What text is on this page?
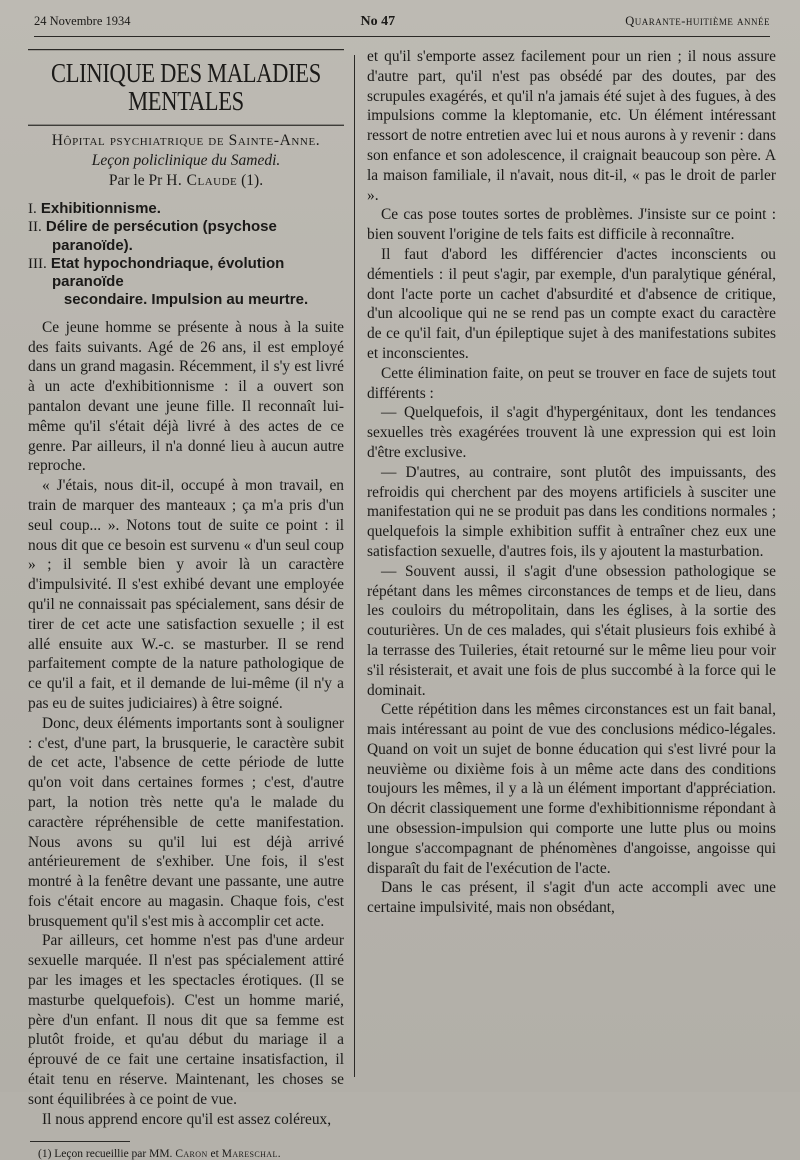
24 Novembre 1934	No 47	Quarante-huitième année
CLINIQUE DES MALADIES MENTALES
Hôpital psychiatrique de Sainte-Anne.
Leçon policlinique du Samedi.
Par le Pr H. Claude (1).
I. Exhibitionnisme.
II. Délire de persécution (psychose paranoïde).
III. Etat hypochondriaque, évolution paranoïde
secondaire. Impulsion au meurtre.

Ce jeune homme se présente à nous à la suite des faits suivants. Agé de 26 ans, il est employé dans un grand magasin. Récemment, il s'y est livré à un acte d'exhibitionnisme : il a ouvert son pantalon devant une jeune fille. Il reconnaît lui-même qu'il s'était déjà livré à des actes de ce genre. Par ailleurs, il n'a donné lieu à aucun autre reproche.

« J'étais, nous dit-il, occupé à mon travail, en train de marquer des manteaux ; ça m'a pris d'un seul coup... ». Notons tout de suite ce point : il nous dit que ce besoin est survenu « d'un seul coup » ; il semble bien y avoir là un caractère d'impulsivité. Il s'est exhibé devant une employée qu'il ne connaissait pas spécialement, sans désir de tirer de cet acte une satisfaction sexuelle ; il est allé ensuite aux W.-c. se masturber. Il se rend parfaitement compte de la nature pathologique de ce qu'il a fait, et il demande de lui-même (il n'y a pas eu de suites judiciaires) à être soigné.

Donc, deux éléments importants sont à souligner : c'est, d'une part, la brusquerie, le caractère subit de cet acte, l'absence de cette période de lutte qu'on voit dans certaines formes ; c'est, d'autre part, la notion très nette qu'a le malade du caractère répréhensible de cette manifestation. Nous avons su qu'il lui est déjà arrivé antérieurement de s'exhiber. Une fois, il s'est montré à la fenêtre devant une passante, une autre fois c'était encore au magasin. Chaque fois, c'est brusquement qu'il s'est mis à accomplir cet acte.

Par ailleurs, cet homme n'est pas d'une ardeur sexuelle marquée. Il n'est pas spécialement attiré par les images et les spectacles érotiques. (Il se masturbe quelquefois). C'est un homme marié, père d'un enfant. Il nous dit que sa femme est plutôt froide, et qu'au début du mariage il a éprouvé de ce fait une certaine insatisfaction, il était tenu en réserve. Maintenant, les choses se sont équilibrées à ce point de vue.

Il nous apprend encore qu'il est assez coléreux,

(1) Leçon recueillie par MM. Caron et Mareschal.

et qu'il s'emporte assez facilement pour un rien ; il nous assure d'autre part, qu'il n'est pas obsédé par des doutes, par des scrupules exagérés, et qu'il n'a jamais été sujet à des fugues, à des impulsions comme la kleptomanie, etc. Un élément intéressant ressort de notre entretien avec lui et nous aurons à y revenir : dans son enfance et son adolescence, il craignait beaucoup son père. A la maison familiale, il n'avait, nous dit-il, « pas le droit de parler ».

Ce cas pose toutes sortes de problèmes. J'insiste sur ce point : bien souvent l'origine de tels faits est difficile à reconnaître.

Il faut d'abord les différencier d'actes inconscients ou démentiels : il peut s'agir, par exemple, d'un paralytique général, dont l'acte porte un cachet d'absurdité et d'absence de critique, d'un alcoolique qui ne se rend pas un compte exact du caractère de ce qu'il fait, d'un épileptique sujet à des manifestations subites et inconscientes.

Cette élimination faite, on peut se trouver en face de sujets tout différents :

— Quelquefois, il s'agit d'hypergénitaux, dont les tendances sexuelles très exagérées trouvent là une expression qui est loin d'être exclusive.

— D'autres, au contraire, sont plutôt des impuissants, des refroidis qui cherchent par des moyens artificiels à susciter une manifestation qui ne se produit pas dans les conditions normales ; quelquefois la simple exhibition suffit à entraîner chez eux une satisfaction sexuelle, d'autres fois, ils y ajoutent la masturbation.

— Souvent aussi, il s'agit d'une obsession pathologique se répétant dans les mêmes circonstances de temps et de lieu, dans les couloirs du métropolitain, dans les églises, à la sortie des couturières. Un de ces malades, qui s'était plusieurs fois exhibé à la terrasse des Tuileries, était retourné sur le même lieu pour voir s'il résisterait, et avait une fois de plus succombé à la force qui le dominait.

Cette répétition dans les mêmes circonstances est un fait banal, mais intéressant au point de vue des conclusions médico-légales. Quand on voit un sujet de bonne éducation qui s'est livré pour la neuvième ou dixième fois à un même acte dans des conditions toujours les mêmes, il y a là un élément important d'appréciation. On décrit classiquement une forme d'exhibitionnisme répondant à une obsession-impulsion qui comporte une lutte plus ou moins longue s'accompagnant de phénomènes d'angoisse, angoisse qui disparaît du fait de l'exécution de l'acte.

Dans le cas présent, il s'agit d'un acte accompli avec une certaine impulsivité, mais non obsédant,
